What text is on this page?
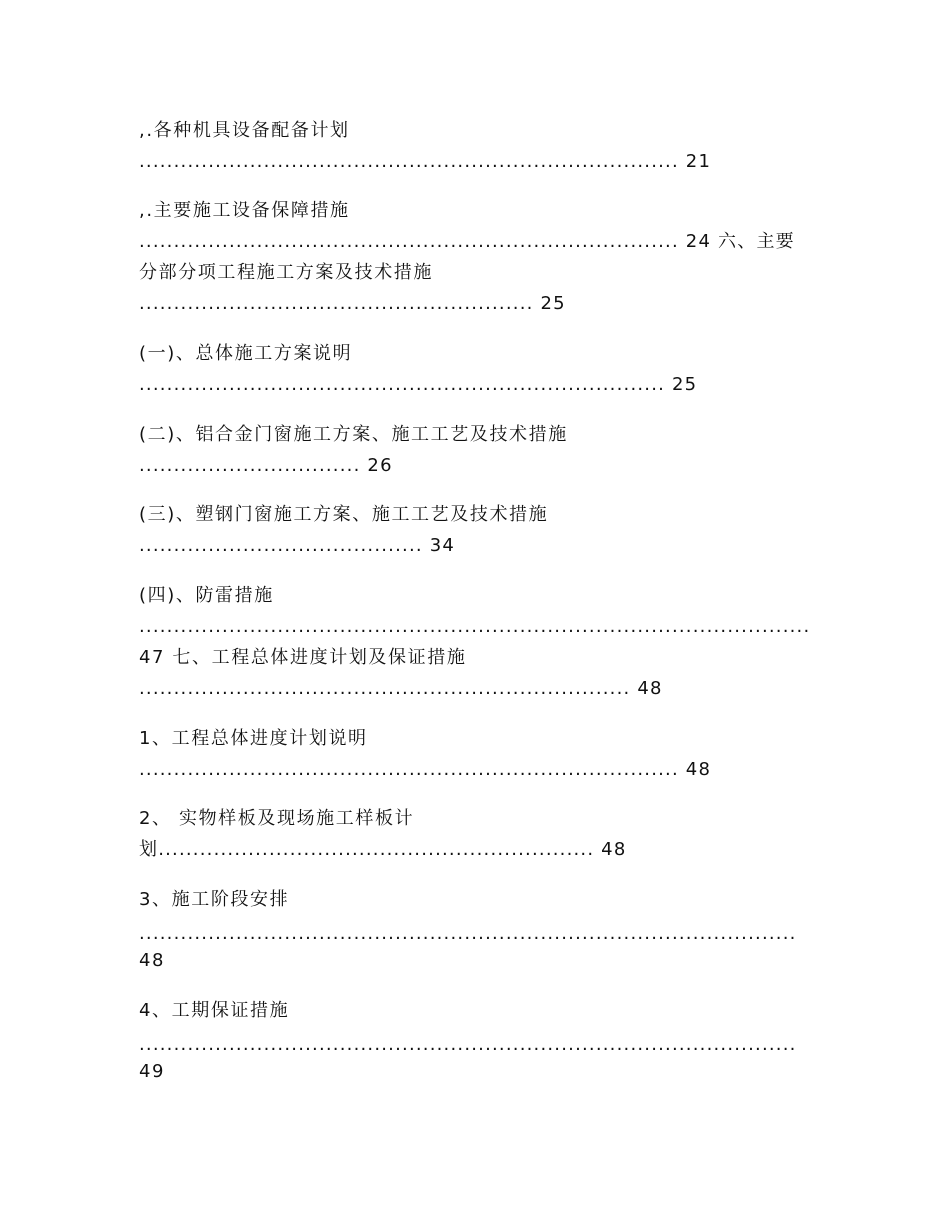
,.各种机具设备配备计划

.............................................................................. 21

,.主要施工设备保障措施

.............................................................................. 24 六、主要

分部分项工程施工方案及技术措施

......................................................... 25

(一)、总体施工方案说明

............................................................................ 25

(二)、铝合金门窗施工方案、施工工艺及技术措施

................................ 26

(三)、塑钢门窗施工方案、施工工艺及技术措施

......................................... 34

(四)、防雷措施

.................................................................................................

47 七、工程总体进度计划及保证措施

....................................................................... 48

1、工程总体进度计划说明

.............................................................................. 48

2、 实物样板及现场施工样板计

划............................................................... 48

3、施工阶段安排

...............................................................................................

48

4、工期保证措施

...............................................................................................

49
